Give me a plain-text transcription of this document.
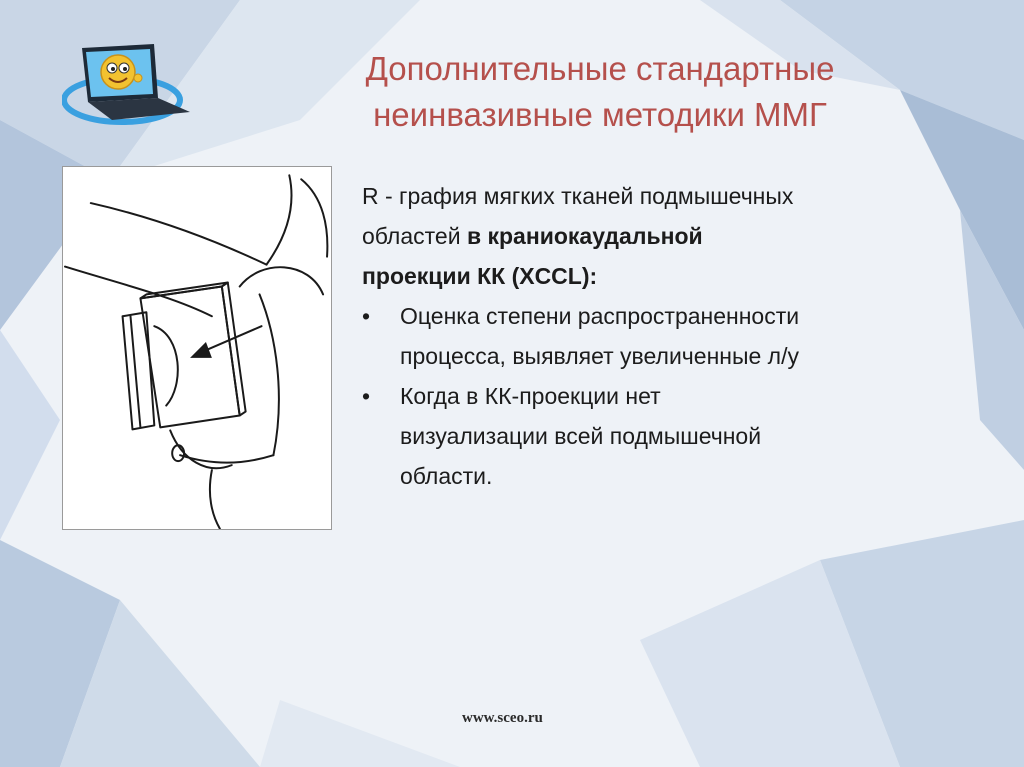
Дополнительные стандартные
неинвазивные методики ММГ

R - графия мягких тканей подмышечных
областей в краниокаудальной
проекции КК (XCCL):

• Оценка степени распространенности
процесса, выявляет увеличенные л/у
• Когда в КК-проекции нет
визуализации всей подмышечной
области.
www.sceo.ru
